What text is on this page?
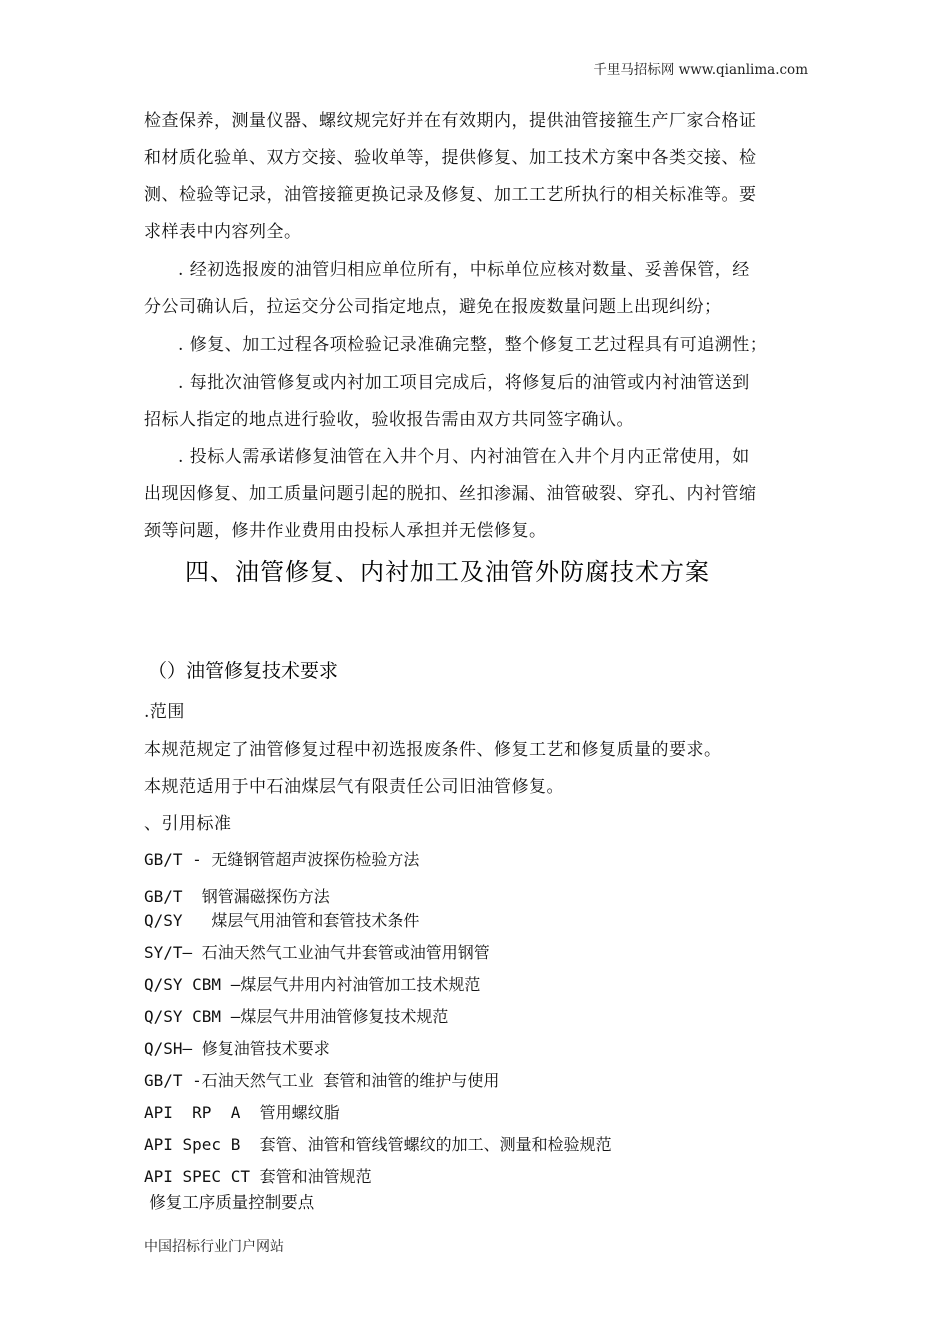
千里马招标网 www.qianlima.com
检查保养，测量仪器、螺纹规完好并在有效期内，提供油管接箍生产厂家合格证
和材质化验单、双方交接、验收单等，提供修复、加工技术方案中各类交接、检
测、检验等记录，油管接箍更换记录及修复、加工工艺所执行的相关标准等。要
求样表中内容列全。
. 经初选报废的油管归相应单位所有，中标单位应核对数量、妥善保管，经
分公司确认后，拉运交分公司指定地点，避免在报废数量问题上出现纠纷；
. 修复、加工过程各项检验记录准确完整，整个修复工艺过程具有可追溯性；
. 每批次油管修复或内衬加工项目完成后，将修复后的油管或内衬油管送到
招标人指定的地点进行验收，验收报告需由双方共同签字确认。
. 投标人需承诺修复油管在入井个月、内衬油管在入井个月内正常使用，如
出现因修复、加工质量问题引起的脱扣、丝扣渗漏、油管破裂、穿孔、内衬管缩
颈等问题，修井作业费用由投标人承担并无偿修复。
四、油管修复、内衬加工及油管外防腐技术方案
（）油管修复技术要求
.范围
本规范规定了油管修复过程中初选报废条件、修复工艺和修复质量的要求。
本规范适用于中石油煤层气有限责任公司旧油管修复。
、引用标准
GB/T - 无缝钢管超声波探伤检验方法
GB/T  钢管漏磁探伤方法
Q/SY   煤层气用油管和套管技术条件
SY/T— 石油天然气工业油气井套管或油管用钢管
Q/SY CBM —煤层气井用内衬油管加工技术规范
Q/SY CBM —煤层气井用油管修复技术规范
Q/SH— 修复油管技术要求
GB/T -石油天然气工业 套管和油管的维护与使用
API  RP  A  管用螺纹脂
API Spec B  套管、油管和管线管螺纹的加工、测量和检验规范
API SPEC CT 套管和油管规范
修复工序质量控制要点
中国招标行业门户网站
